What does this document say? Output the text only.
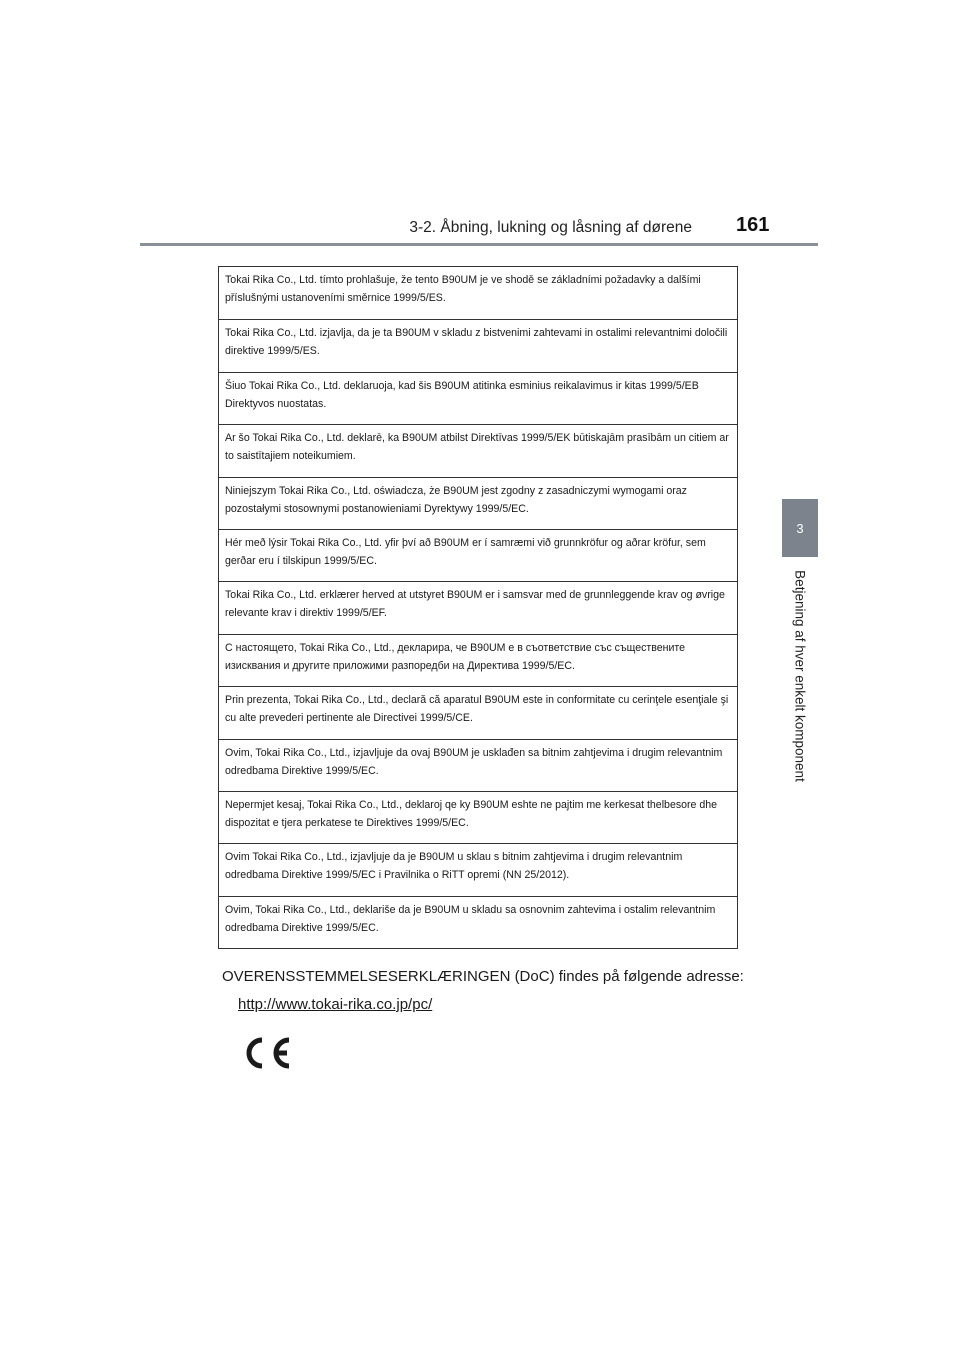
3-2. Åbning, lukning og låsning af dørene 161
3
Betjening af hver enkelt komponent
Tokai Rika Co., Ltd. tímto prohlašuje, že tento B90UM je ve shodě se základními požadavky a dalšími příslušnými ustanoveními směrnice 1999/5/ES.
Tokai Rika Co., Ltd. izjavlja, da je ta B90UM v skladu z bistvenimi zahtevami in ostalimi relevantnimi določili direktive 1999/5/ES.
Šiuo Tokai Rika Co., Ltd. deklaruoja, kad šis B90UM atitinka esminius reikalavimus ir kitas 1999/5/EB Direktyvos nuostatas.
Ar šo Tokai Rika Co., Ltd. deklarē, ka B90UM atbilst Direktīvas 1999/5/EK būtiskajām prasībām un citiem ar to saistītajiem noteikumiem.
Niniejszym Tokai Rika Co., Ltd. oświadcza, że B90UM jest zgodny z zasadniczymi wymogami oraz pozostałymi stosownymi postanowieniami Dyrektywy 1999/5/EC.
Hér með lýsir Tokai Rika Co., Ltd. yfir því að B90UM er í samræmi við grunnkröfur og aðrar kröfur, sem gerðar eru í tilskipun 1999/5/EC.
Tokai Rika Co., Ltd. erklærer herved at utstyret B90UM er i samsvar med de grunnleggende krav og øvrige relevante krav i direktiv 1999/5/EF.
С настоящето, Tokai Rika Co., Ltd., декларира, че B90UM е в съответствие със съществените изисквания и другите приложими разпоредби на Директива 1999/5/EC.
Prin prezenta, Tokai Rika Co., Ltd., declară că aparatul B90UM este in conformitate cu cerinţele esenţiale şi cu alte prevederi pertinente ale Directivei 1999/5/CE.
Ovim, Tokai Rika Co., Ltd., izjavljuje da ovaj B90UM je usklađen sa bitnim zahtjevima i drugim relevantnim odredbama Direktive 1999/5/EC.
Nepermjet kesaj, Tokai Rika Co., Ltd., deklaroj qe ky B90UM eshte ne pajtim me kerkesat thelbesore dhe dispozitat e tjera perkatese te Direktives 1999/5/EC.
Ovim Tokai Rika Co., Ltd., izjavljuje da je B90UM u sklau s bitnim zahtjevima i drugim relevantnim odredbama Direktive 1999/5/EC i Pravilnika o RiTT opremi (NN 25/2012).
Ovim, Tokai Rika Co., Ltd., deklariše da je B90UM u skladu sa osnovnim zahtevima i ostalim relevantnim odredbama Direktive 1999/5/EC.
OVERENSSTEMMELSESERKLÆRINGEN (DoC) findes på følgende adresse:
http://www.tokai-rika.co.jp/pc/
